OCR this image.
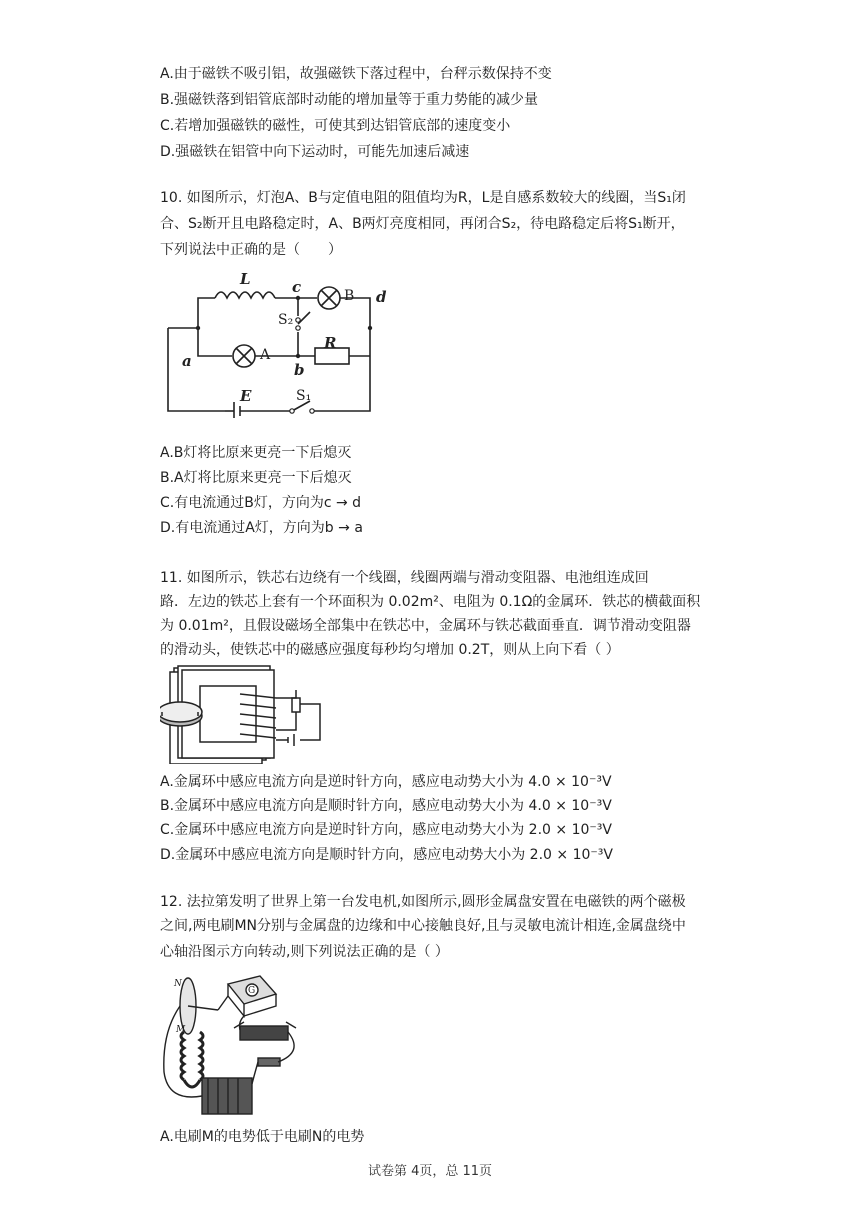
A.由于磁铁不吸引铝，故强磁铁下落过程中，台秤示数保持不变
B.强磁铁落到铝管底部时动能的增加量等于重力势能的减少量
C.若增加强磁铁的磁性，可使其到达铝管底部的速度变小
D.强磁铁在铝管中向下运动时，可能先加速后减速
10. 如图所示，灯泡A、B与定值电阻的阻值均为R，L是自感系数较大的线圈，当S₁闭
合、S₂断开且电路稳定时，A、B两灯亮度相同，再闭合S₂，待电路稳定后将S₁断开，
下列说法中正确的是（　　）
L	c
d
a	b
R
E
B
A
S₂
S₁
A.B灯将比原来更亮一下后熄灭
B.A灯将比原来更亮一下后熄灭
C.有电流通过B灯，方向为c → d
D.有电流通过A灯，方向为b → a
11. 如图所示，铁芯右边绕有一个线圈，线圈两端与滑动变阻器、电池组连成回
路．左边的铁芯上套有一个环面积为 0.02m²、电阻为 0.1Ω的金属环．铁芯的横截面积
为 0.01m²，且假设磁场全部集中在铁芯中，金属环与铁芯截面垂直．调节滑动变阻器
的滑动头，使铁芯中的磁感应强度每秒均匀增加 0.2T，则从上向下看（ ）
A.金属环中感应电流方向是逆时针方向，感应电动势大小为 4.0 × 10⁻³V
B.金属环中感应电流方向是顺时针方向，感应电动势大小为 4.0 × 10⁻³V
C.金属环中感应电流方向是逆时针方向，感应电动势大小为 2.0 × 10⁻³V
D.金属环中感应电流方向是顺时针方向，感应电动势大小为 2.0 × 10⁻³V
12. 法拉第发明了世界上第一台发电机,如图所示,圆形金属盘安置在电磁铁的两个磁极
之间,两电刷MN分别与金属盘的边缘和中心接触良好,且与灵敏电流计相连,金属盘绕中
心轴沿图示方向转动,则下列说法正确的是（ ）
N
M
G
A.电刷M的电势低于电刷N的电势
试卷第 4页，总 11页
